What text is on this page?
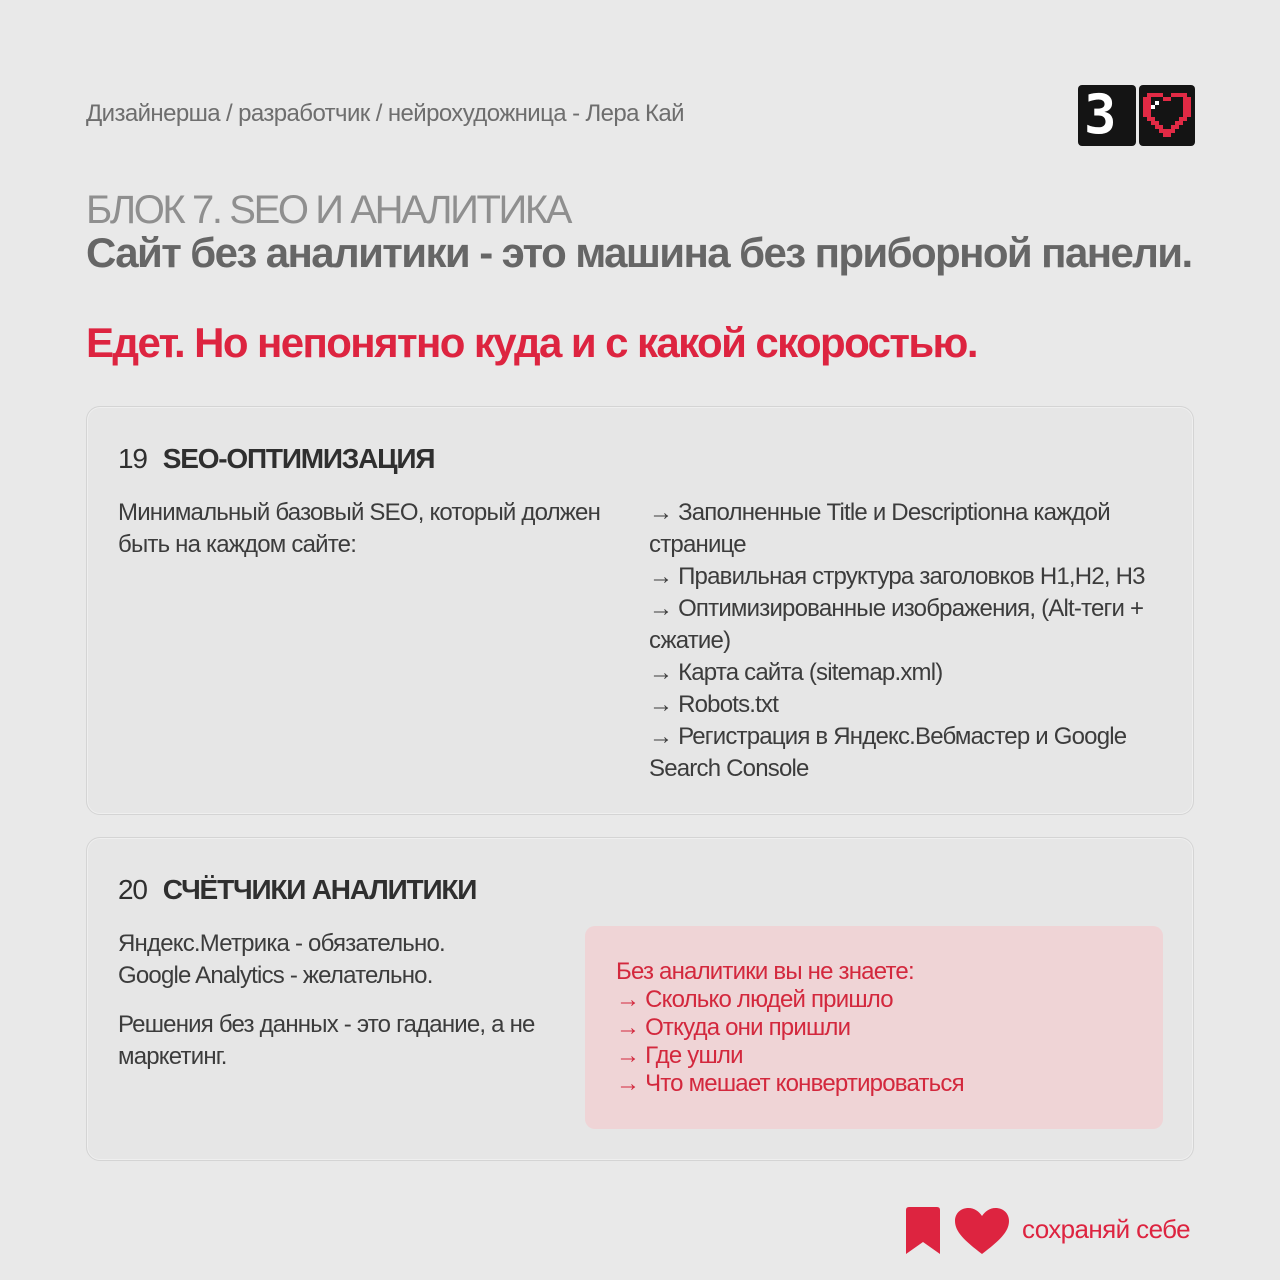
Дизайнерша / разработчик / нейрохудожница - Лера Кай	3
БЛОК 7. SEO И АНАЛИТИКА
Сайт без аналитики - это машина без приборной панели.
Едет. Но непонятно куда и с какой скоростью.
19 SEO-ОПТИМИЗАЦИЯ

Минимальный базовый SEO, который должен быть на каждом сайте:

→ Заполненные Title и Descriptionна каждой странице
→ Правильная структура заголовков H1,H2, H3
→ Оптимизированные изображения, (Alt-теги + сжатие)
→ Карта сайта (sitemap.xml)
→ Robots.txt
→ Регистрация в Яндекс.Вебмастер и Google Search Console
20 СЧЁТЧИКИ АНАЛИТИКИ

Яндекс.Метрика - обязательно.
Google Analytics - желательно.

Решения без данных - это гадание, а не маркетинг.

Без аналитики вы не знаете:
→ Сколько людей пришло
→ Откуда они пришли
→ Где ушли
→ Что мешает конвертироваться
сохраняй себе
